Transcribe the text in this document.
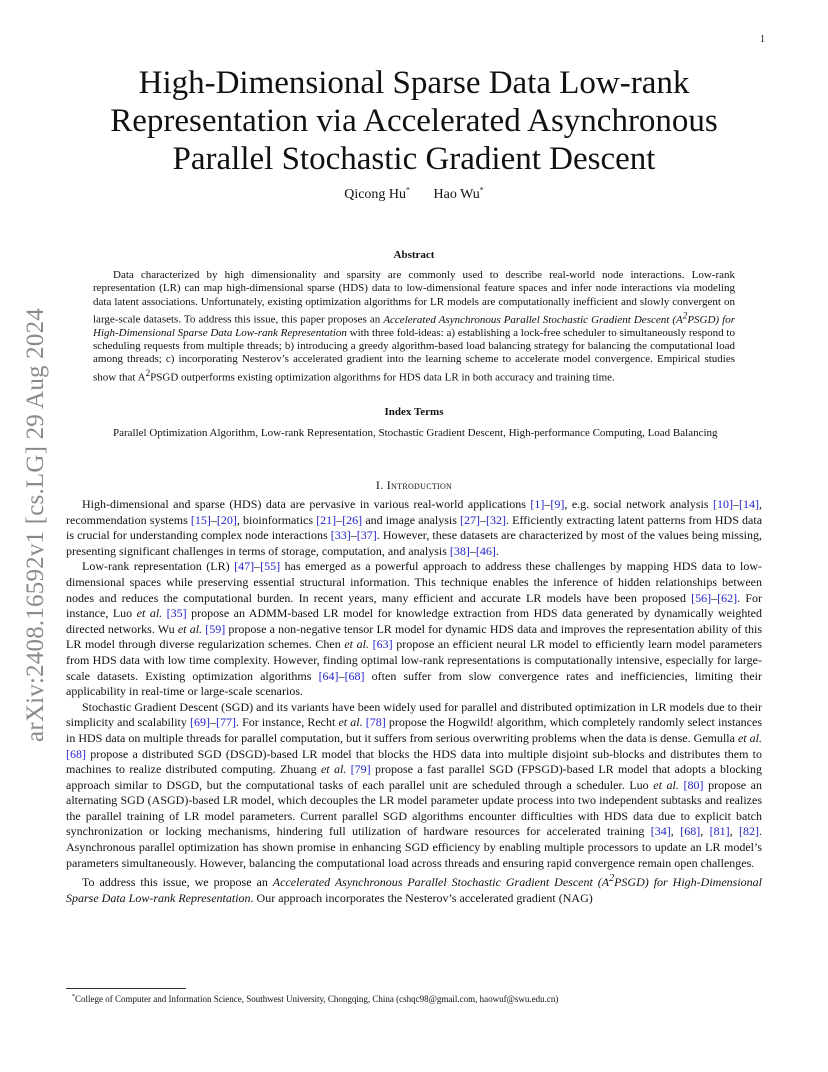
1
arXiv:2408.16592v1 [cs.LG] 29 Aug 2024
High-Dimensional Sparse Data Low-rank Representation via Accelerated Asynchronous Parallel Stochastic Gradient Descent
Qicong Hu* Hao Wu*
Abstract
Data characterized by high dimensionality and sparsity are commonly used to describe real-world node interactions. Low-rank representation (LR) can map high-dimensional sparse (HDS) data to low-dimensional feature spaces and infer node interactions via modeling data latent associations. Unfortunately, existing optimization algorithms for LR models are computationally inefficient and slowly convergent on large-scale datasets. To address this issue, this paper proposes an Accelerated Asynchronous Parallel Stochastic Gradient Descent $(A^2PSGD)$ for High-Dimensional Sparse Data Low-rank Representation with three fold-ideas: a) establishing a lock-free scheduler to simultaneously respond to scheduling requests from multiple threads; b) introducing a greedy algorithm-based load balancing strategy for balancing the computational load among threads; c) incorporating Nesterov’s accelerated gradient into the learning scheme to accelerate model convergence. Empirical studies show that $A^2PSGD$ outperforms existing optimization algorithms for HDS data LR in both accuracy and training time.
Index Terms
Parallel Optimization Algorithm, Low-rank Representation, Stochastic Gradient Descent, High-performance Computing, Load Balancing
I. Introduction

High-dimensional and sparse (HDS) data are pervasive in various real-world applications [1]–[9], e.g. social network analysis [10]–[14], recommendation systems [15]–[20], bioinformatics [21]–[26] and image analysis [27]–[32]. Efficiently extracting latent patterns from HDS data is crucial for understanding complex node interactions [33]–[37]. However, these datasets are characterized by most of the values being missing, presenting significant challenges in terms of storage, computation, and analysis [38]–[46].

Low-rank representation (LR) [47]–[55] has emerged as a powerful approach to address these challenges by mapping HDS data to low-dimensional spaces while preserving essential structural information. This technique enables the inference of hidden relationships between nodes and reduces the computational burden. In recent years, many efficient and accurate LR models have been proposed [56]–[62]. For instance, Luo et al. [35] propose an ADMM-based LR model for knowledge extraction from HDS data generated by dynamically weighted directed networks. Wu et al. [59] propose a non-negative tensor LR model for dynamic HDS data and improves the representation ability of this LR model through diverse regularization schemes. Chen et al. [63] propose an efficient neural LR model to efficiently learn model parameters from HDS data with low time complexity. However, finding optimal low-rank representations is computationally intensive, especially for large-scale datasets. Existing optimization algorithms [64]–[68] often suffer from slow convergence rates and inefficiencies, limiting their applicability in real-time or large-scale scenarios.

Stochastic Gradient Descent (SGD) and its variants have been widely used for parallel and distributed optimization in LR models due to their simplicity and scalability [69]–[77]. For instance, Recht et al. [78] propose the Hogwild! algorithm, which completely randomly select instances in HDS data on multiple threads for parallel computation, but it suffers from serious overwriting problems when the data is dense. Gemulla et al. [68] propose a distributed SGD (DSGD)-based LR model that blocks the HDS data into multiple disjoint sub-blocks and distributes them to machines to realize distributed computing. Zhuang et al. [79] propose a fast parallel SGD (FPSGD)-based LR model that adopts a blocking approach similar to DSGD, but the computational tasks of each parallel unit are scheduled through a scheduler. Luo et al. [80] propose an alternating SGD (ASGD)-based LR model, which decouples the LR model parameter update process into two independent subtasks and realizes the parallel training of LR model parameters. Current parallel SGD algorithms encounter difficulties with HDS data due to explicit batch synchronization or locking mechanisms, hindering full utilization of hardware resources for accelerated training [34], [68], [81], [82]. Asynchronous parallel optimization has shown promise in enhancing SGD efficiency by enabling multiple processors to update an LR model’s parameters simultaneously. However, balancing the computational load across threads and ensuring rapid convergence remain open challenges.

To address this issue, we propose an Accelerated Asynchronous Parallel Stochastic Gradient Descent $(A^2PSGD)$ for High-Dimensional Sparse Data Low-rank Representation. Our approach incorporates the Nesterov’s accelerated gradient (NAG)

*College of Computer and Information Science, Southwest University, Chongqing, China (cshqc98@gmail.com, haowuf@swu.edu.cn)
